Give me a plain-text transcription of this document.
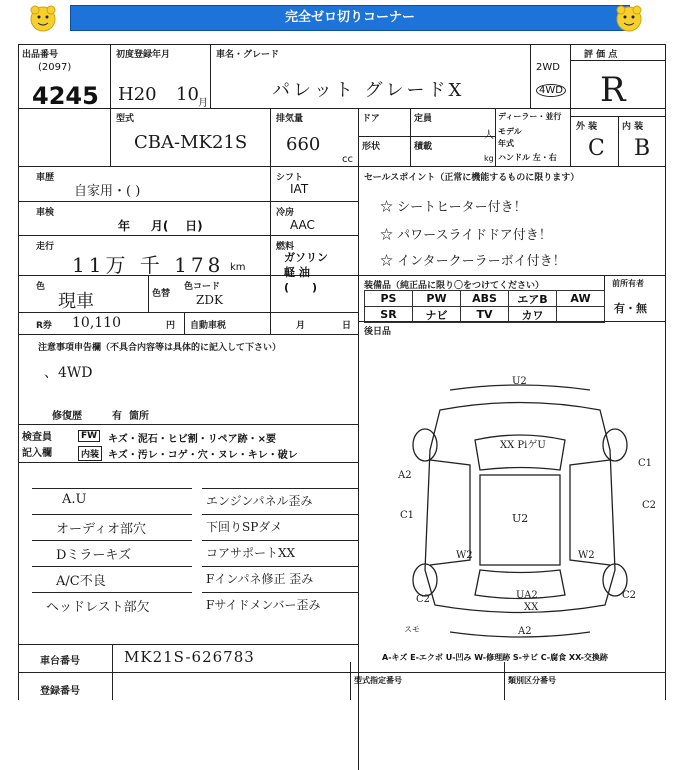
完全ゼロ切りコーナー
出品番号
(2097)
4245
初度登録年月
H20 10 月
車名・グレード
パレット グレードX
2WD
4WD
評 価 点
R
型式
CBA-MK21S
排気量
660
cc
ドア
形状
定員
人
積載
kg
ディーラー・並行
モデル
年式
ハンドル 左・右
外 装	内 装
C B
車歴
自家用・( )
車検
年     月(    日)
走行
11万 千 178 km
色
現車	色替
色コード
ZDK
R券 10,110	円 自動車税	月	日
シフト
IAT
冷房
AAC
燃料
ガソリン
軽 油
(      )
セールスポイント（正常に機能するものに限ります）
☆ シートヒーター付き！
☆ パワースライドドア付き！
☆ インタークーラーボイ付き！
装備品（純正品に限り〇をつけてください）	前所有者
有・無
PS	PW	ABS	エアB	AW
SR	ナビ	TV	カワ
後日品
注意事項申告欄（不具合内容等は具体的に記入して下さい）
、4WD
修復歴	有  箇所
検査員
記入欄
FW
内装
キズ・泥石・ヒビ割・リペア跡・×要
キズ・汚レ・コゲ・穴・ヌレ・キレ・破レ
A.U
オーディオ部穴
Dミラーキズ
A/C不良
ヘッドレスト部欠
エンジンパネル歪み
下回りSPダメ
コアサポートXX
Fインパネ修正 歪み
Fサイドメンバー歪み
U2
XX PiゲU
A2
C1
C1
C2
U2
W2	W2
UA2
XX
C2
A2
C2
スモ
A-キズ E-エクボ U-凹み W-修理跡 S-サビ C-腐食 XX-交換跡
車台番号	MK21S-626783
登録番号
型式指定番号	類別区分番号
